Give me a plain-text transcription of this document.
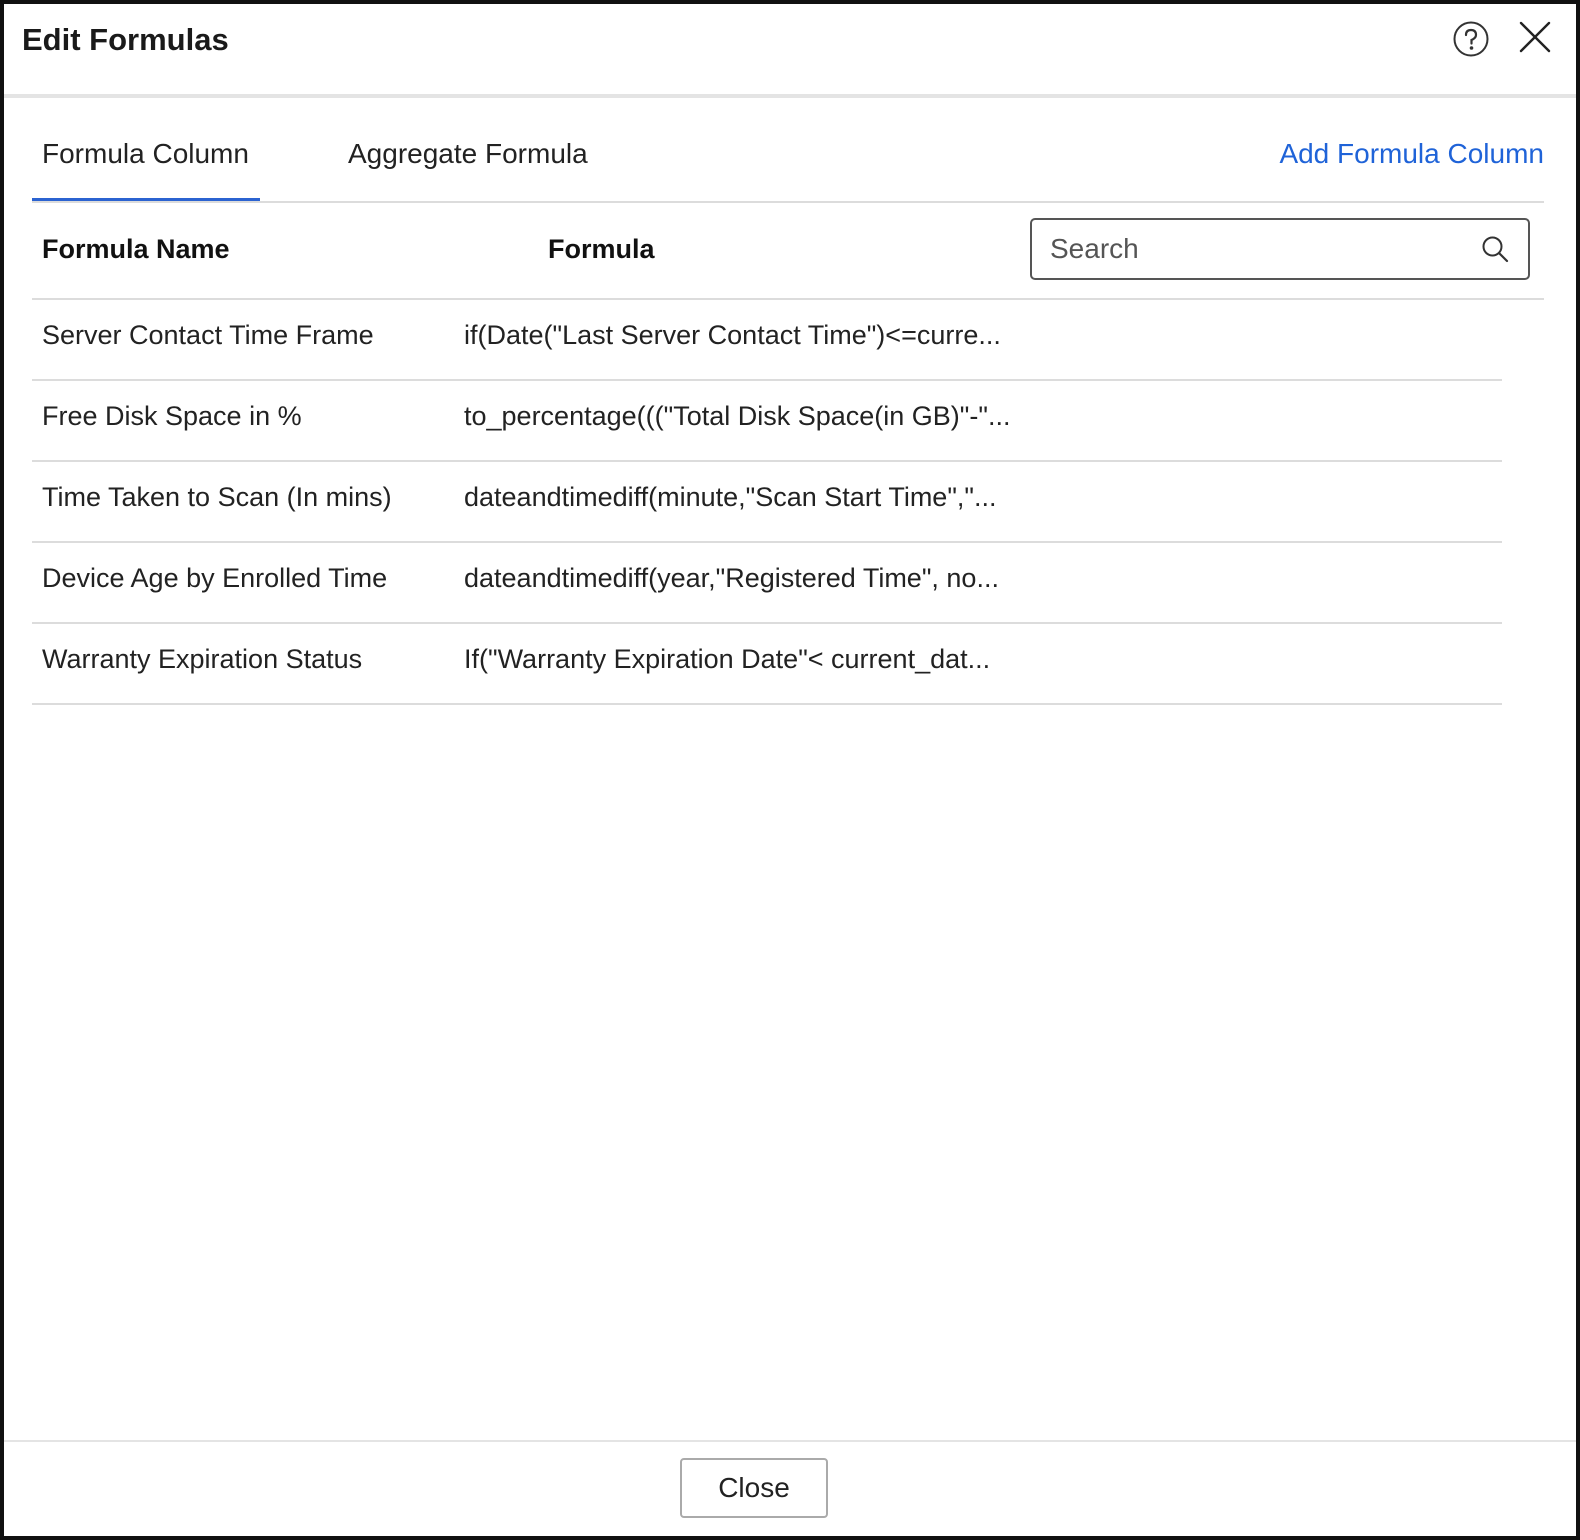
Edit Formulas
Formula Column	Aggregate Formula	Add Formula Column
Formula Name	Formula
Search
Server Contact Time Frame	if(Date("Last Server Contact Time")<=curre...
Free Disk Space in %	to_percentage((("Total Disk Space(in GB)"-"...
Time Taken to Scan (In mins)	dateandtimediff(minute,"Scan Start Time","...
Device Age by Enrolled Time	dateandtimediff(year,"Registered Time", no...
Warranty Expiration Status	If("Warranty Expiration Date"< current_dat...
Close
